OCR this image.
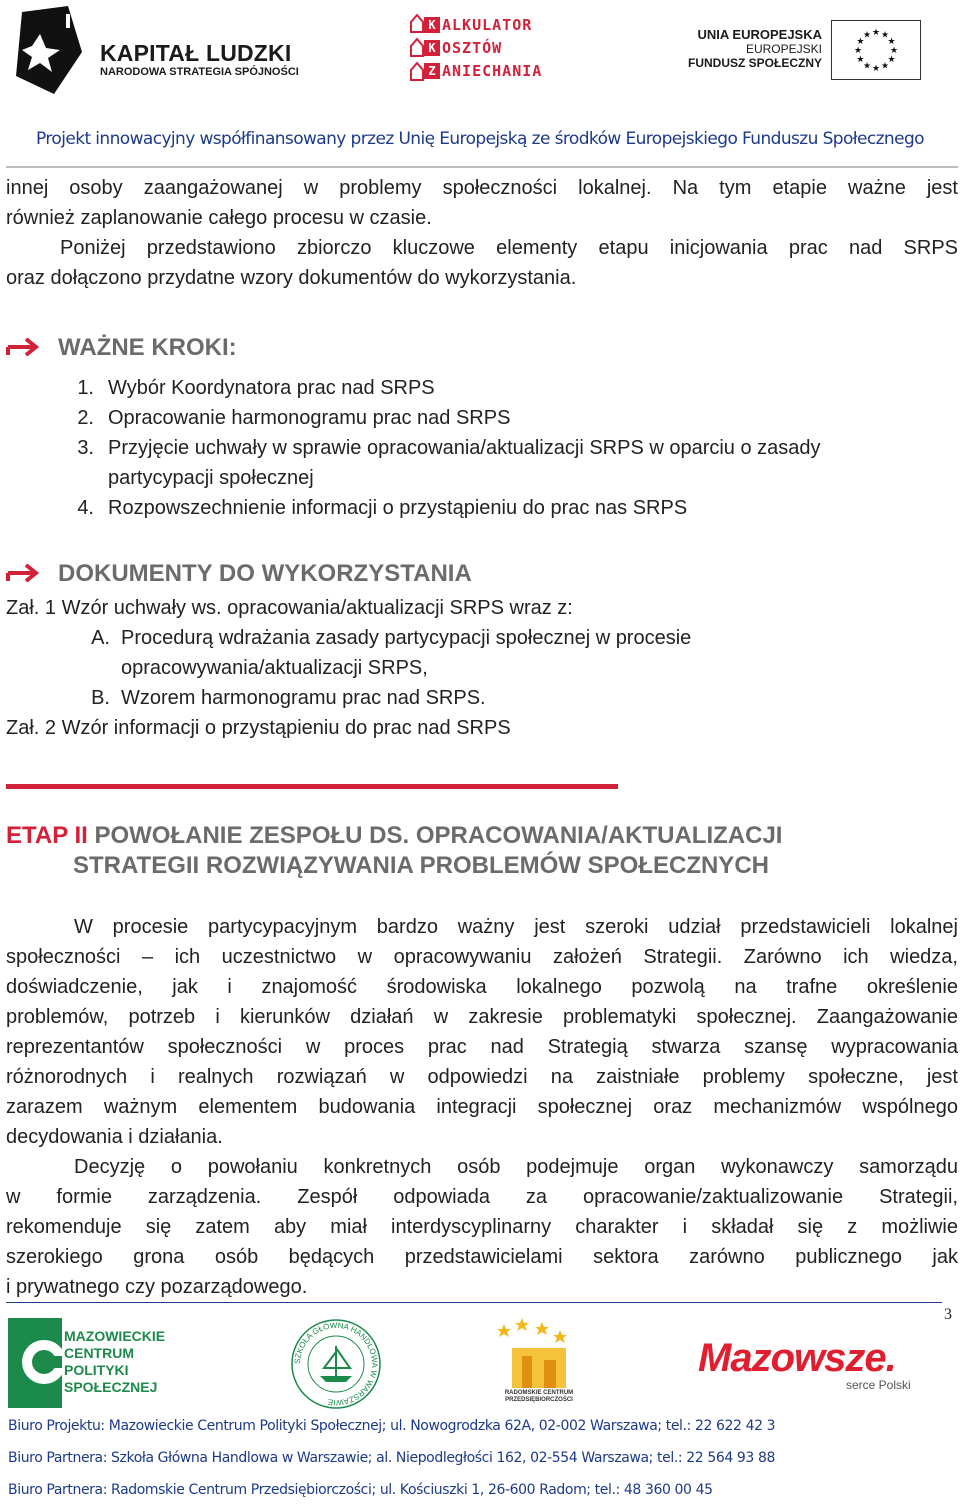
KAPITAŁ LUDZKI
NARODOWA STRATEGIA SPÓJNOŚCI
K ALKULATOR
K OSZTÓW
Z ANIECHANIA
UNIA EUROPEJSKA
EUROPEJSKI
FUNDUSZ SPOŁECZNY
★
★
★
★
★
★
★
★
★ ★ ★
★
Projekt innowacyjny współfinansowany przez Unię Europejską ze środków Europejskiego Funduszu Społecznego
innej osoby zaangażowanej w problemy społeczności lokalnej. Na tym etapie ważne jest
również zaplanowanie całego procesu w czasie.
Poniżej przedstawiono zbiorczo kluczowe elementy etapu inicjowania prac nad SRPS
oraz dołączono przydatne wzory dokumentów do wykorzystania.
WAŻNE KROKI:
1. Wybór Koordynatora prac nad SRPS
2. Opracowanie harmonogramu prac nad SRPS
3. Przyjęcie uchwały w sprawie opracowania/aktualizacji SRPS w oparciu o zasady
partycypacji społecznej
4. Rozpowszechnienie informacji o przystąpieniu do prac nas SRPS
DOKUMENTY DO WYKORZYSTANIA
Zał. 1 Wzór uchwały ws. opracowania/aktualizacji SRPS wraz z:
A. Procedurą wdrażania zasady partycypacji społecznej w procesie
opracowywania/aktualizacji SRPS,
B. Wzorem harmonogramu prac nad SRPS.
Zał. 2 Wzór informacji o przystąpieniu do prac nad SRPS
ETAP II POWOŁANIE ZESPOŁU DS. OPRACOWANIA/AKTUALIZACJI
STRATEGII ROZWIĄZYWANIA PROBLEMÓW SPOŁECZNYCH
W procesie partycypacyjnym bardzo ważny jest szeroki udział przedstawicieli lokalnej
społeczności – ich uczestnictwo w opracowywaniu założeń Strategii. Zarówno ich wiedza,
doświadczenie, jak i znajomość środowiska lokalnego pozwolą na trafne określenie
problemów, potrzeb i kierunków działań w zakresie problematyki społecznej. Zaangażowanie
reprezentantów społeczności w proces prac nad Strategią stwarza szansę wypracowania
różnorodnych i realnych rozwiązań w odpowiedzi na zaistniałe problemy społeczne, jest
zarazem ważnym elementem budowania integracji społecznej oraz mechanizmów wspólnego
decydowania i działania.
Decyzję o powołaniu konkretnych osób podejmuje organ wykonawczy samorządu
w formie zarządzenia. Zespół odpowiada za opracowanie/zaktualizowanie Strategii,
rekomenduje się zatem aby miał interdyscyplinarny charakter i składał się z możliwie
szerokiego grona osób będących przedstawicielami sektora zarówno publicznego jak
i prywatnego czy pozarządowego.
3
MAZOWIECKIE
CENTRUM
POLITYKI
SPOŁECZNEJ
SZKOŁA GŁÓWNA HANDLOWA W WARSZAWIE
RADOMSKIE CENTRUM PRZEDSIĘBIORCZOŚCI
Mazowsze.
serce Polski
Biuro Projektu: Mazowieckie Centrum Polityki Społecznej; ul. Nowogrodzka 62A, 02-002 Warszawa; tel.: 22 622 42 3
Biuro Partnera: Szkoła Główna Handlowa w Warszawie; al. Niepodległości 162, 02-554 Warszawa; tel.: 22 564 93 88
Biuro Partnera: Radomskie Centrum Przedsiębiorczości; ul. Kościuszki 1, 26-600 Radom; tel.: 48 360 00 45
